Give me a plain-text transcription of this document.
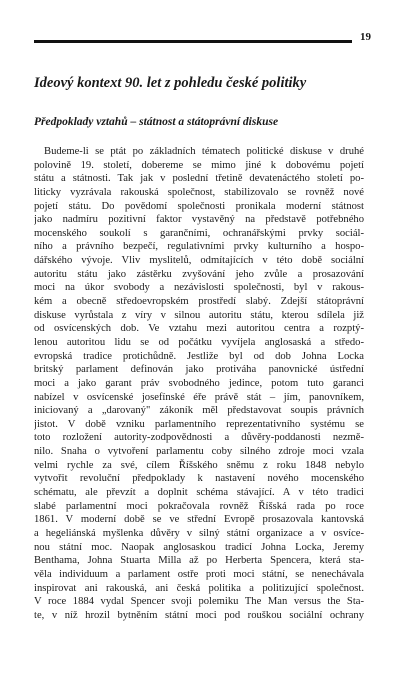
19
Ideový kontext 90. let z pohledu české politiky
Předpoklady vztahů – státnost a státoprávní diskuse
Budeme-li se ptát po základních tématech politické diskuse v druhé
polovině 19. století, dobereme se mimo jiné k dobovému pojetí
státu a státnosti. Tak jak v poslední třetině devatenáctého století po-
liticky vyzrávala rakouská společnost, stabilizovalo se rovněž nové
pojetí státu. Do povědomí společnosti pronikala moderní státnost
jako nadmíru pozitivní faktor vystavěný na představě potřebného
mocenského soukolí s garančními, ochranářskými prvky sociál-
ního a právního bezpečí, regulativními prvky kulturního a hospo-
dářského vývoje. Vliv myslitelů, odmítajících v této době sociální
autoritu státu jako zástěrku zvyšování jeho zvůle a prosazování
moci na úkor svobody a nezávislosti společnosti, byl v rakous-
kém a obecně středoevropském prostředí slabý. Zdejší státoprávní
diskuse vyrůstala z víry v silnou autoritu státu, kterou sdílela již
od osvícenských dob. Ve vztahu mezi autoritou centra a rozptý-
lenou autoritou lidu se od počátku vyvíjela anglosaská a středo-
evropská tradice protichůdně. Jestliže byl od dob Johna Locka
britský parlament definován jako protiváha panovnické ústřední
moci a jako garant práv svobodného jedince, potom tuto garanci
nabízel v osvícenské josefínské éře právě stát – jím, panovníkem,
iniciovaný a „darovaný" zákoník měl představovat soupis právních
jistot. V době vzniku parlamentního reprezentativního systému se
toto rozložení autority-zodpovědnosti a důvěry-poddanosti nezmě-
nilo. Snaha o vytvoření parlamentu coby silného zdroje moci vzala
velmi rychle za své, cílem Říšského sněmu z roku 1848 nebylo
vytvořit revoluční předpoklady k nastavení nového mocenského
schématu, ale převzít a doplnit schéma stávající. A v této tradici
slabé parlamentní moci pokračovala rovněž Říšská rada po roce
1861. V moderní době se ve střední Evropě prosazovala kantovská
a hegeliánská myšlenka důvěry v silný státní organizace a v osvíce-
nou státní moc. Naopak anglosaskou tradicí Johna Locka, Jeremy
Benthama, Johna Stuarta Milla až po Herberta Spencera, která sta-
věla individuum a parlament ostře proti moci státní, se nenechávala
inspirovat ani rakouská, ani česká politika a politizující společnost.
V roce 1884 vydal Spencer svoji polemiku The Man versus the Sta-
te, v níž hrozil bytněním státní moci pod rouškou sociální ochrany
